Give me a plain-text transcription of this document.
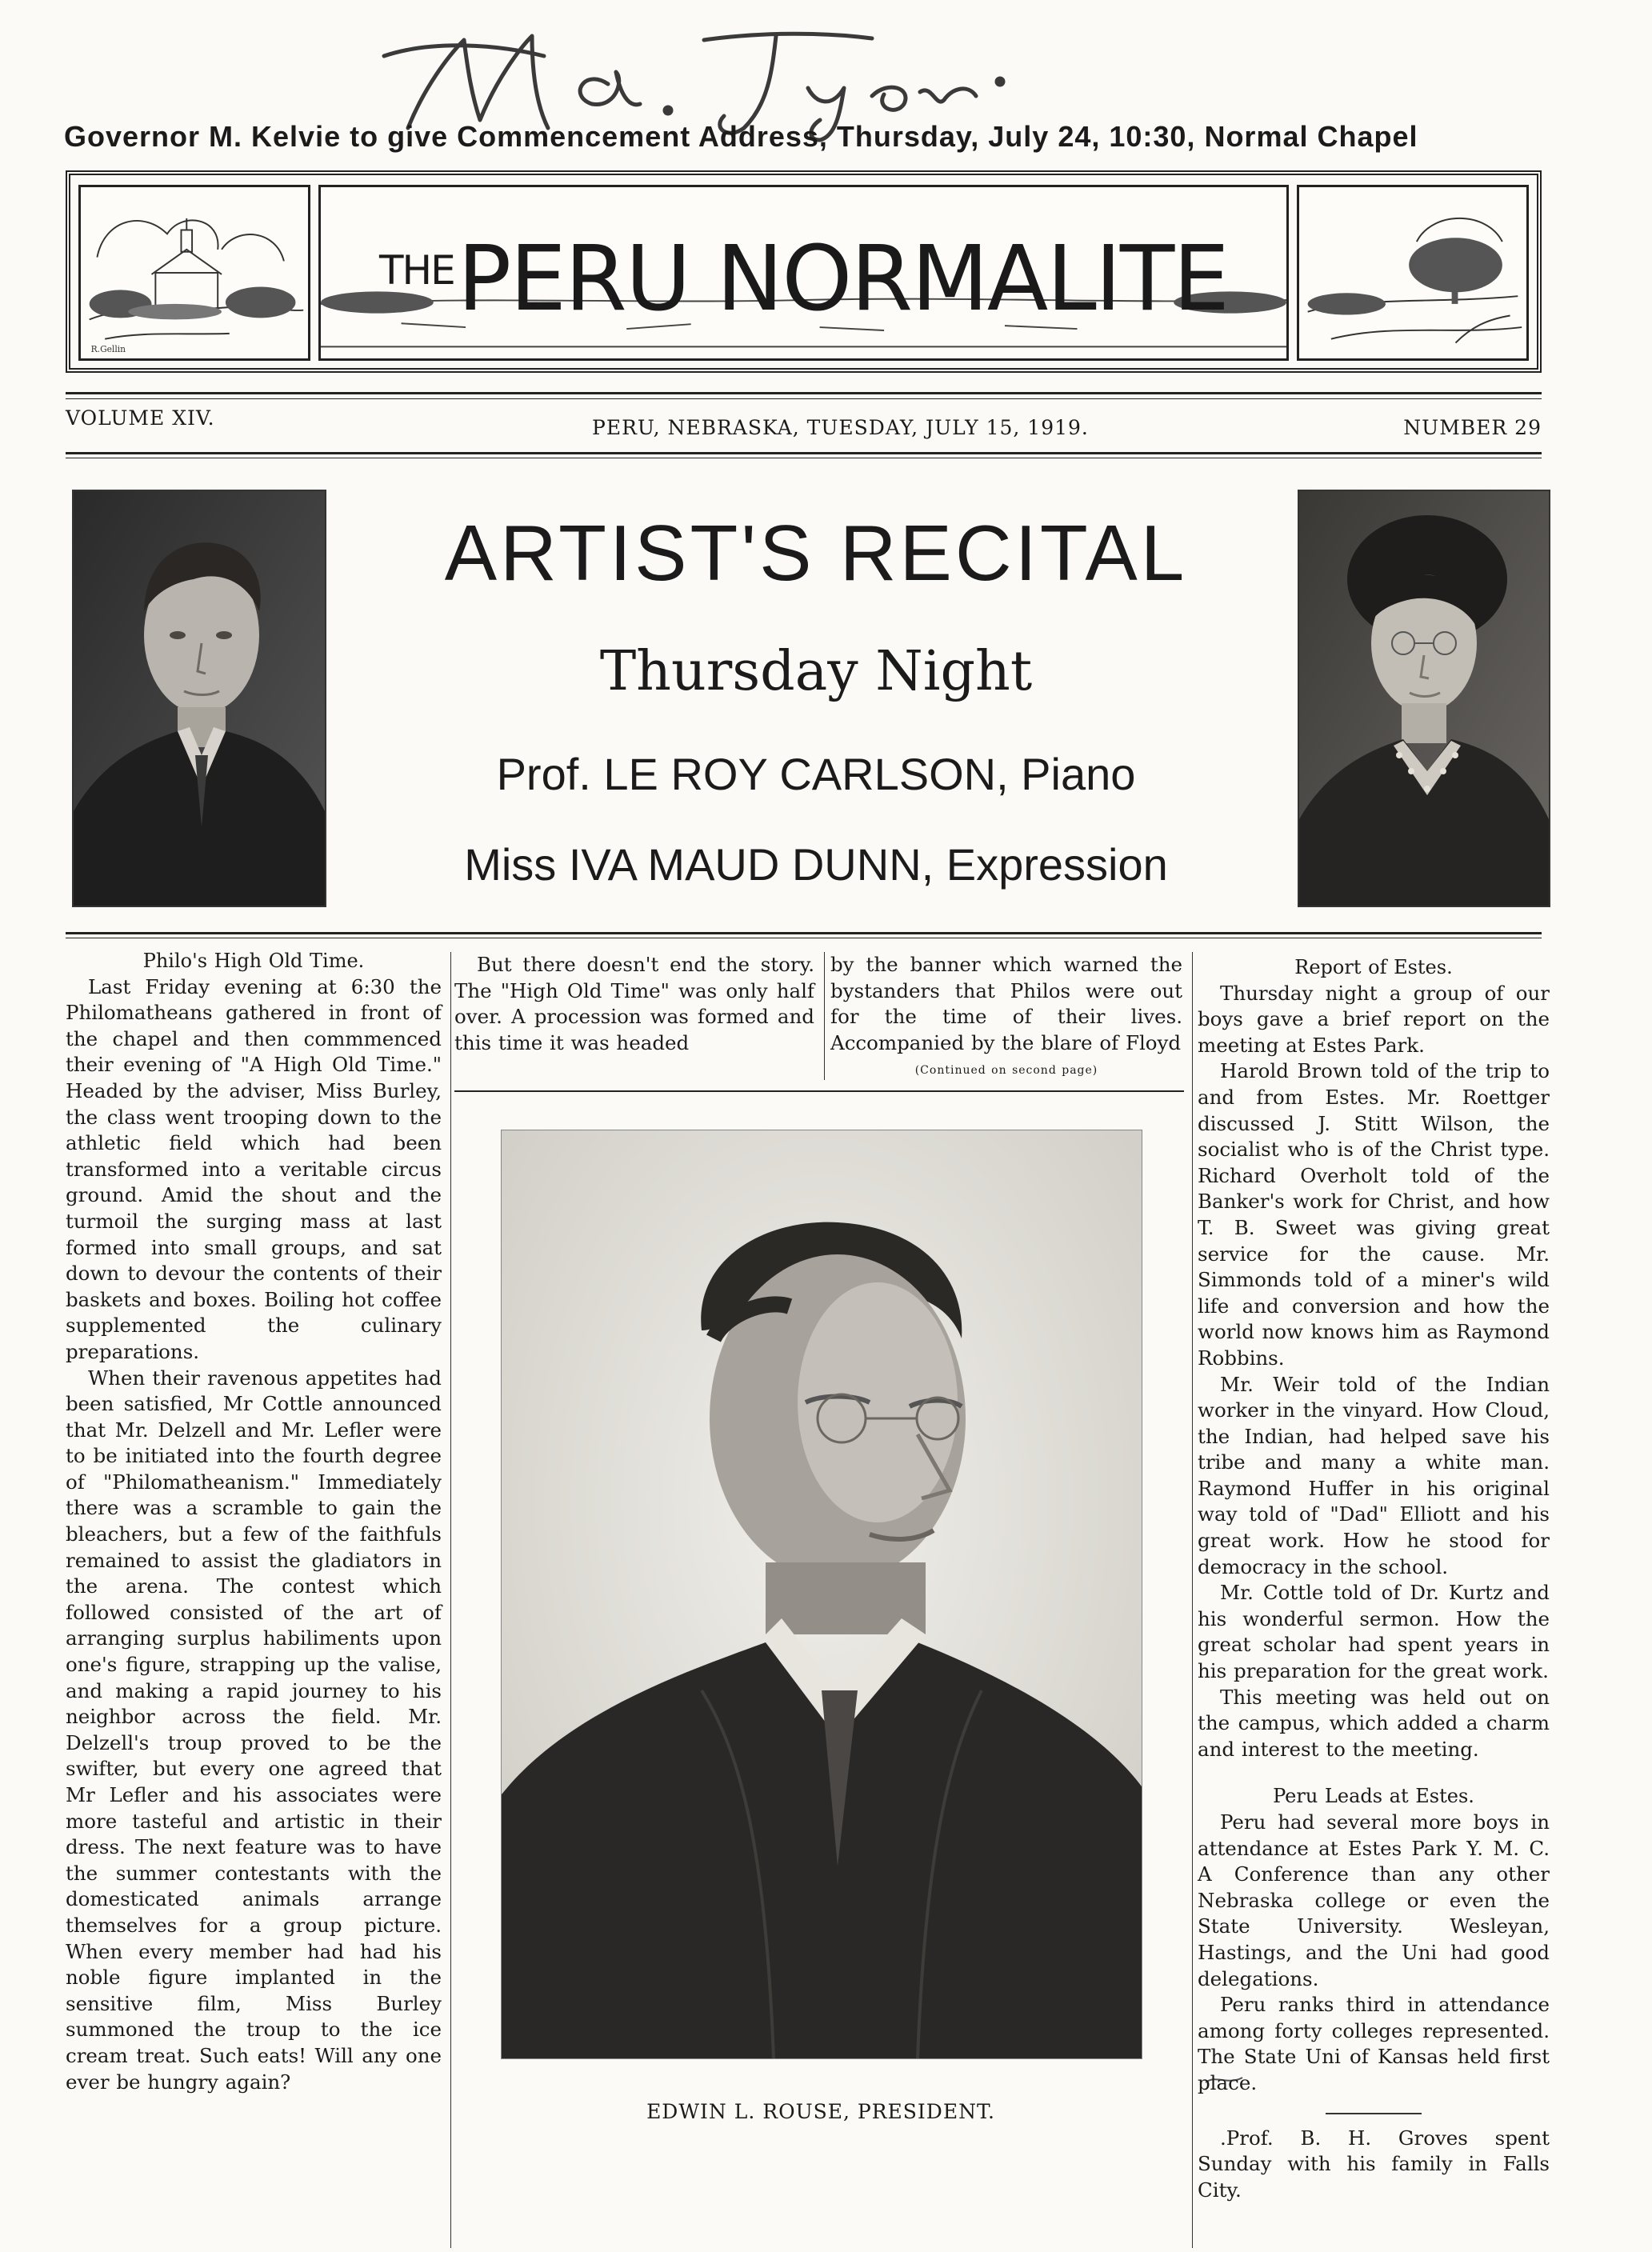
Governor M. Kelvie to give Commencement Address, Thursday, July 24, 10:30, Normal Chapel
R.Gellin
$^{THE}$PERU NORMALITE
VOLUME XIV.	PERU, NEBRASKA, TUESDAY, JULY 15, 1919.	NUMBER 29
ARTIST'S RECITAL
Thursday Night
Prof. LE ROY CARLSON, Piano
Miss IVA MAUD DUNN, Expression

Philo's High Old Time.

Last Friday evening at 6:30 the Philomatheans gathered in front of the chapel and then commmenced their evening of "A High Old Time." Headed by the adviser, Miss Burley, the class went trooping down to the athletic field which had been transformed into a veritable circus ground. Amid the shout and the turmoil the surging mass at last formed into small groups, and sat down to devour the contents of their baskets and boxes. Boiling hot coffee supplemented the culinary preparations.

When their ravenous appetites had been satisfied, Mr Cottle announced that Mr. Delzell and Mr. Lefler were to be initiated into the fourth degree of "Philomatheanism." Immediately there was a scramble to gain the bleachers, but a few of the faithfuls remained to assist the gladiators in the arena. The contest which followed consisted of the art of arranging surplus habiliments upon one's figure, strapping up the valise, and making a rapid journey to his neighbor across the field. Mr. Delzell's troup proved to be the swifter, but every one agreed that Mr Lefler and his associates were more tasteful and artistic in their dress. The next feature was to have the summer contestants with the domesticated animals arrange themselves for a group picture. When every member had had his noble figure implanted in the sensitive film, Miss Burley summoned the troup to the ice cream treat. Such eats! Will any one ever be hungry again?

But there doesn't end the story. The "High Old Time" was only half over. A procession was formed and this time it was headed

by the banner which warned the bystanders that Philos were out for the time of their lives. Accompanied by the blare of Floyd

(Continued on second page)
EDWIN L. ROUSE, PRESIDENT.

Report of Estes.

Thursday night a group of our boys gave a brief report on the meeting at Estes Park.

Harold Brown told of the trip to and from Estes. Mr. Roettger discussed J. Stitt Wilson, the socialist who is of the Christ type. Richard Overholt told of the Banker's work for Christ, and how T. B. Sweet was giving great service for the cause. Mr. Simmonds told of a miner's wild life and conversion and how the world now knows him as Raymond Robbins.

Mr. Weir told of the Indian worker in the vinyard. How Cloud, the Indian, had helped save his tribe and many a white man. Raymond Huffer in his original way told of "Dad" Elliott and his great work. How he stood for democracy in the school.

Mr. Cottle told of Dr. Kurtz and his wonderful sermon. How the great scholar had spent years in his preparation for the great work.

This meeting was held out on the campus, which added a charm and interest to the meeting.

Peru Leads at Estes.

Peru had several more boys in attendance at Estes Park Y. M. C. A Conference than any other Nebraska college or even the State University. Wesleyan, Hastings, and the Uni had good delegations.

Peru ranks third in attendance among forty colleges represented. The State Uni of Kansas held first place.

.Prof. B. H. Groves spent Sunday with his family in Falls City.
